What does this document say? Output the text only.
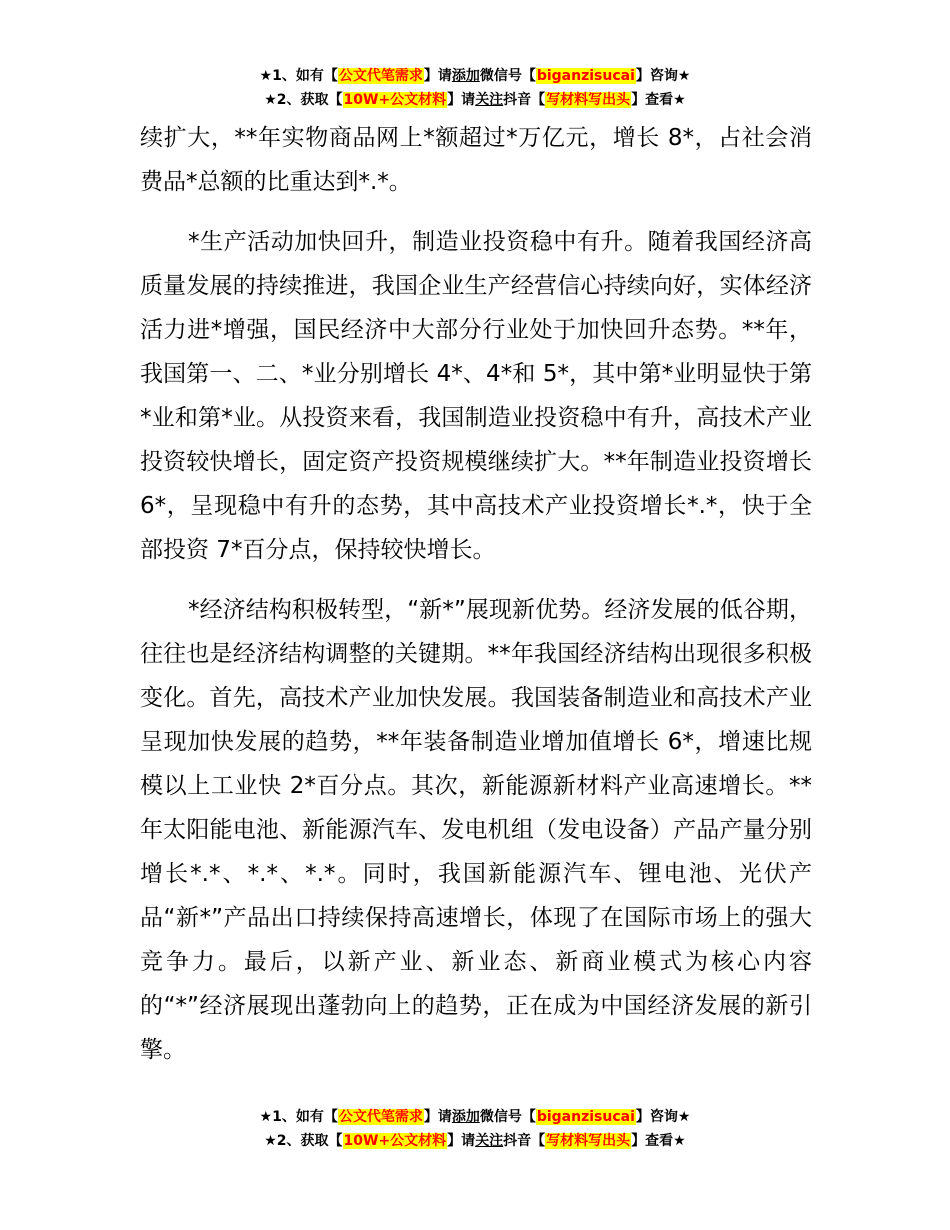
★1、如有【公文代笔需求】请添加微信号【biganzisucai】咨询★
★2、获取【10W+公文材料】请关注抖音【写材料写出头】查看★

续扩大，**年实物商品网上*额超过*万亿元，增长 8*，占社会消费品*总额的比重达到*.*。

*生产活动加快回升，制造业投资稳中有升。随着我国经济高质量发展的持续推进，我国企业生产经营信心持续向好，实体经济活力进*增强，国民经济中大部分行业处于加快回升态势。**年，我国第一、二、*业分别增长 4*、4*和 5*，其中第*业明显快于第*业和第*业。从投资来看，我国制造业投资稳中有升，高技术产业投资较快增长，固定资产投资规模继续扩大。**年制造业投资增长 6*，呈现稳中有升的态势，其中高技术产业投资增长*.*，快于全部投资 7*百分点，保持较快增长。

*经济结构积极转型，“新*”展现新优势。经济发展的低谷期，往往也是经济结构调整的关键期。**年我国经济结构出现很多积极变化。首先，高技术产业加快发展。我国装备制造业和高技术产业呈现加快发展的趋势，**年装备制造业增加值增长 6*，增速比规模以上工业快 2*百分点。其次，新能源新材料产业高速增长。**年太阳能电池、新能源汽车、发电机组（发电设备）产品产量分别增长*.*、*.*、*.*。同时，我国新能源汽车、锂电池、光伏产品“新*”产品出口持续保持高速增长，体现了在国际市场上的强大竞争力。最后，以新产业、新业态、新商业模式为核心内容的“*”经济展现出蓬勃向上的趋势，正在成为中国经济发展的新引擎。

★1、如有【公文代笔需求】请添加微信号【biganzisucai】咨询★
★2、获取【10W+公文材料】请关注抖音【写材料写出头】查看★
